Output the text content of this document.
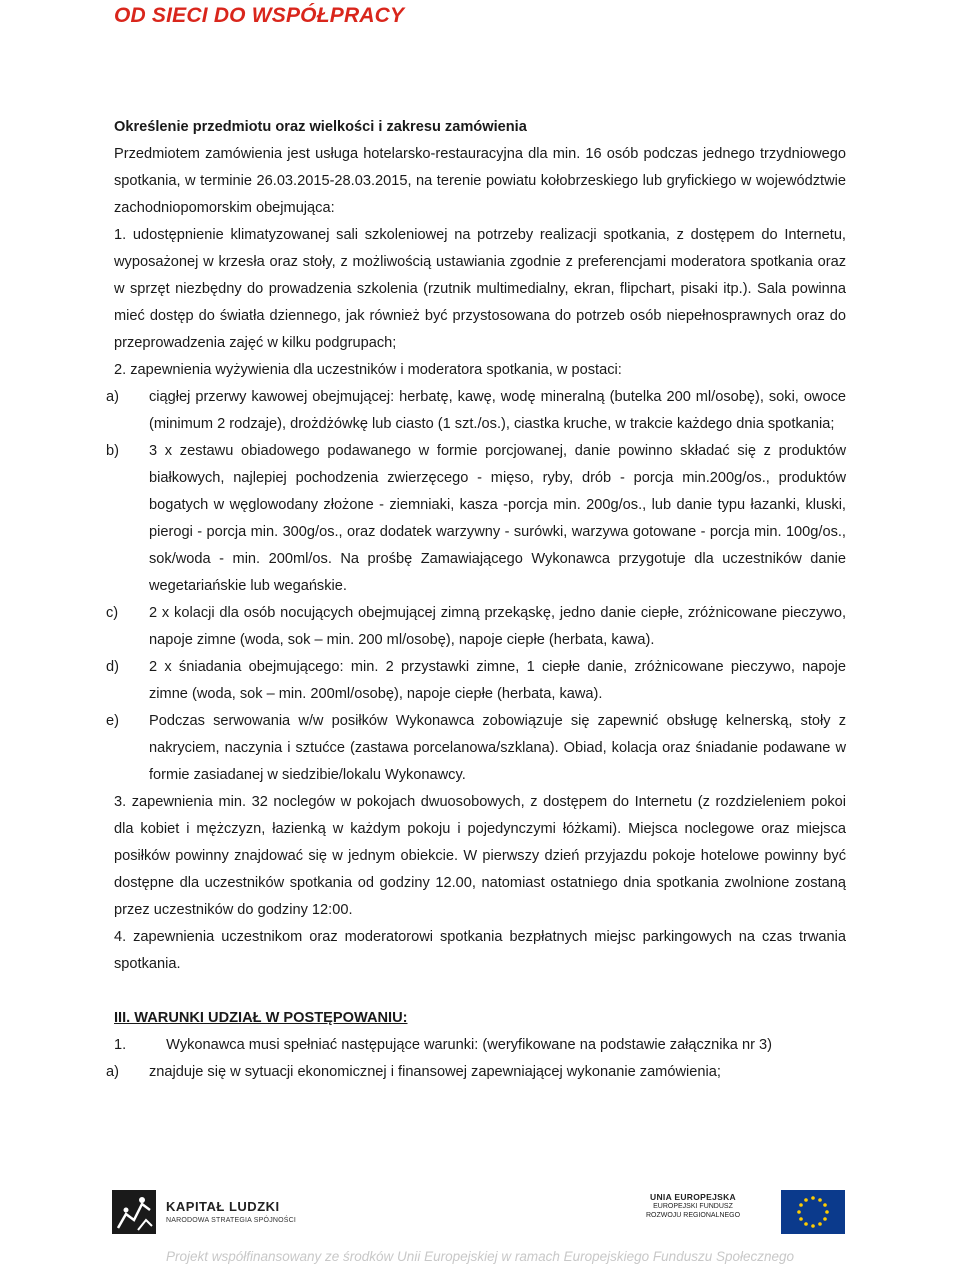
OD SIECI DO WSPÓŁPRACY

Określenie przedmiotu oraz wielkości i zakresu zamówienia

Przedmiotem zamówienia jest usługa hotelarsko-restauracyjna dla min. 16 osób podczas jednego trzydniowego spotkania, w terminie 26.03.2015-28.03.2015, na terenie powiatu kołobrzeskiego lub gryfickiego w województwie zachodniopomorskim obejmująca:

1. udostępnienie klimatyzowanej sali szkoleniowej na potrzeby realizacji spotkania, z dostępem do Internetu, wyposażonej w krzesła oraz stoły, z możliwością ustawiania zgodnie z preferencjami moderatora spotkania oraz w sprzęt niezbędny do prowadzenia szkolenia (rzutnik multimedialny, ekran, flipchart, pisaki itp.). Sala powinna mieć dostęp do światła dziennego, jak również być przystosowana do potrzeb osób niepełnosprawnych oraz do przeprowadzenia zajęć w kilku podgrupach;

2. zapewnienia wyżywienia dla uczestników i moderatora spotkania, w postaci:

a) ciągłej przerwy kawowej obejmującej: herbatę, kawę, wodę mineralną (butelka 200 ml/osobę), soki, owoce (minimum 2 rodzaje), drożdżówkę lub ciasto (1 szt./os.), ciastka kruche, w trakcie każdego dnia spotkania;
b) 3 x zestawu obiadowego podawanego w formie porcjowanej, danie powinno składać się z produktów białkowych, najlepiej pochodzenia zwierzęcego - mięso, ryby, drób - porcja min.200g/os., produktów bogatych w węglowodany złożone - ziemniaki, kasza -porcja min. 200g/os., lub danie typu łazanki, kluski, pierogi - porcja min. 300g/os., oraz dodatek warzywny - surówki, warzywa gotowane - porcja min. 100g/os., sok/woda - min. 200ml/os. Na prośbę Zamawiającego Wykonawca przygotuje dla uczestników danie wegetariańskie lub wegańskie.
c) 2 x kolacji dla osób nocujących obejmującej zimną przekąskę, jedno danie ciepłe, zróżnicowane pieczywo, napoje zimne (woda, sok – min. 200 ml/osobę), napoje ciepłe (herbata, kawa).
d) 2 x śniadania obejmującego: min. 2 przystawki zimne, 1 ciepłe danie, zróżnicowane pieczywo, napoje zimne (woda, sok – min. 200ml/osobę), napoje ciepłe (herbata, kawa).
e) Podczas serwowania w/w posiłków Wykonawca zobowiązuje się zapewnić obsługę kelnerską, stoły z nakryciem, naczynia i sztućce (zastawa porcelanowa/szklana). Obiad, kolacja oraz śniadanie podawane w formie zasiadanej w siedzibie/lokalu Wykonawcy.

3. zapewnienia min. 32 noclegów w pokojach dwuosobowych, z dostępem do Internetu (z rozdzieleniem pokoi dla kobiet i mężczyzn, łazienką w każdym pokoju i pojedynczymi łóżkami). Miejsca noclegowe oraz miejsca posiłków powinny znajdować się w jednym obiekcie. W pierwszy dzień przyjazdu pokoje hotelowe powinny być dostępne dla uczestników spotkania od godziny 12.00, natomiast ostatniego dnia spotkania zwolnione zostaną przez uczestników do godziny 12:00.

4. zapewnienia uczestnikom oraz moderatorowi spotkania bezpłatnych miejsc parkingowych na czas trwania spotkania.

III. WARUNKI UDZIAŁ W POSTĘPOWANIU:

1.	Wykonawca musi spełniać następujące warunki: (weryfikowane na podstawie załącznika nr 3)

a) znajduje się w sytuacji ekonomicznej i finansowej zapewniającej wykonanie zamówienia;
KAPITAŁ LUDZKI
NARODOWA STRATEGIA SPÓJNOŚCI
UNIA EUROPEJSKA
EUROPEJSKI FUNDUSZ
ROZWOJU REGIONALNEGO
Projekt współfinansowany ze środków Unii Europejskiej w ramach Europejskiego Funduszu Społecznego
